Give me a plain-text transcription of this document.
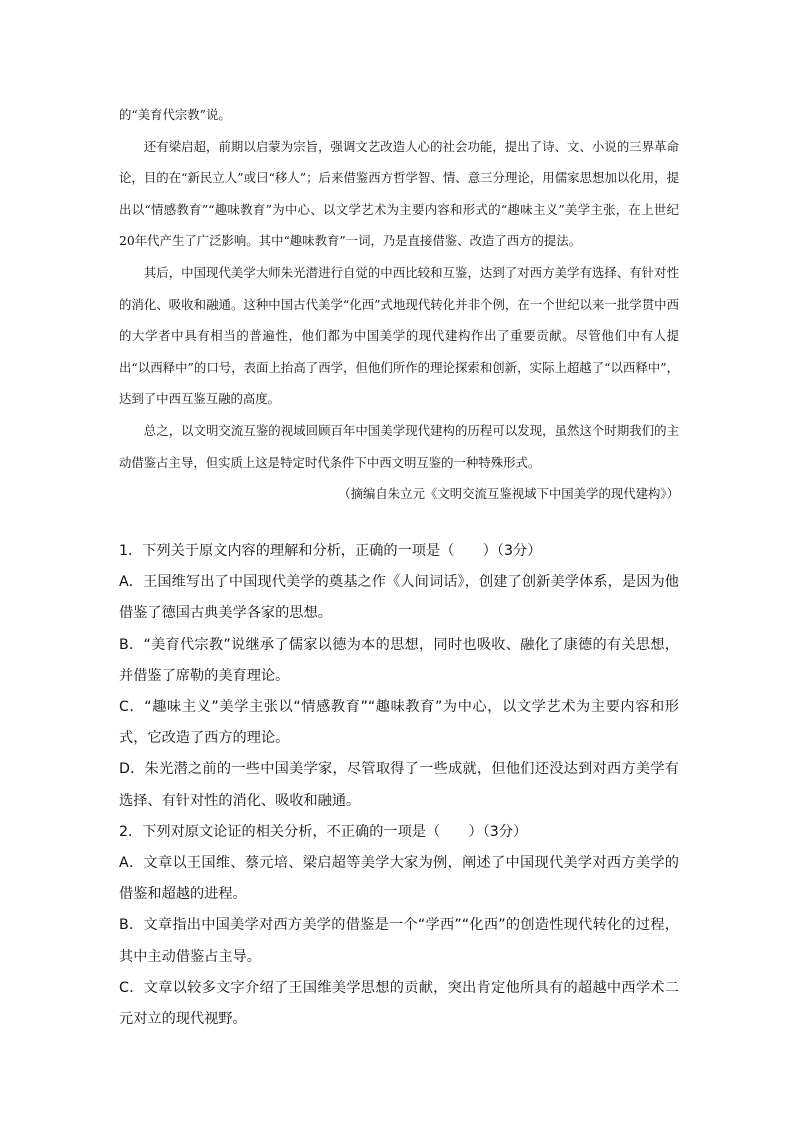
的“美育代宗教”说。

还有梁启超，前期以启蒙为宗旨，强调文艺改造人心的社会功能，提出了诗、文、小说的三界革命论，目的在“新民立人”或曰“移人”；后来借鉴西方哲学智、情、意三分理论，用儒家思想加以化用，提出以“情感教育”“趣味教育”为中心、以文学艺术为主要内容和形式的“趣味主义”美学主张，在上世纪20年代产生了广泛影响。其中“趣味教育”一词，乃是直接借鉴、改造了西方的提法。

其后，中国现代美学大师朱光潜进行自觉的中西比较和互鉴，达到了对西方美学有选择、有针对性的消化、吸收和融通。这种中国古代美学“化西”式地现代转化并非个例，在一个世纪以来一批学贯中西的大学者中具有相当的普遍性，他们都为中国美学的现代建构作出了重要贡献。尽管他们中有人提出“以西释中”的口号，表面上抬高了西学，但他们所作的理论探索和创新，实际上超越了“以西释中”，达到了中西互鉴互融的高度。

总之，以文明交流互鉴的视域回顾百年中国美学现代建构的历程可以发现，虽然这个时期我们的主动借鉴占主导，但实质上这是特定时代条件下中西文明互鉴的一种特殊形式。

（摘编自朱立元《文明交流互鉴视域下中国美学的现代建构》）

1．下列关于原文内容的理解和分析，正确的一项是（　　）（3分）

A．王国维写出了中国现代美学的奠基之作《人间词话》，创建了创新美学体系，是因为他借鉴了德国古典美学各家的思想。

B．“美育代宗教”说继承了儒家以德为本的思想，同时也吸收、融化了康德的有关思想，并借鉴了席勒的美育理论。

C．“趣味主义”美学主张以“情感教育”“趣味教育”为中心，以文学艺术为主要内容和形式，它改造了西方的理论。

D．朱光潜之前的一些中国美学家，尽管取得了一些成就，但他们还没达到对西方美学有选择、有针对性的消化、吸收和融通。

2．下列对原文论证的相关分析，不正确的一项是（　　）（3分）

A．文章以王国维、蔡元培、梁启超等美学大家为例，阐述了中国现代美学对西方美学的借鉴和超越的进程。

B．文章指出中国美学对西方美学的借鉴是一个“学西”“化西”的创造性现代转化的过程，其中主动借鉴占主导。

C．文章以较多文字介绍了王国维美学思想的贡献，突出肯定他所具有的超越中西学术二元对立的现代视野。
